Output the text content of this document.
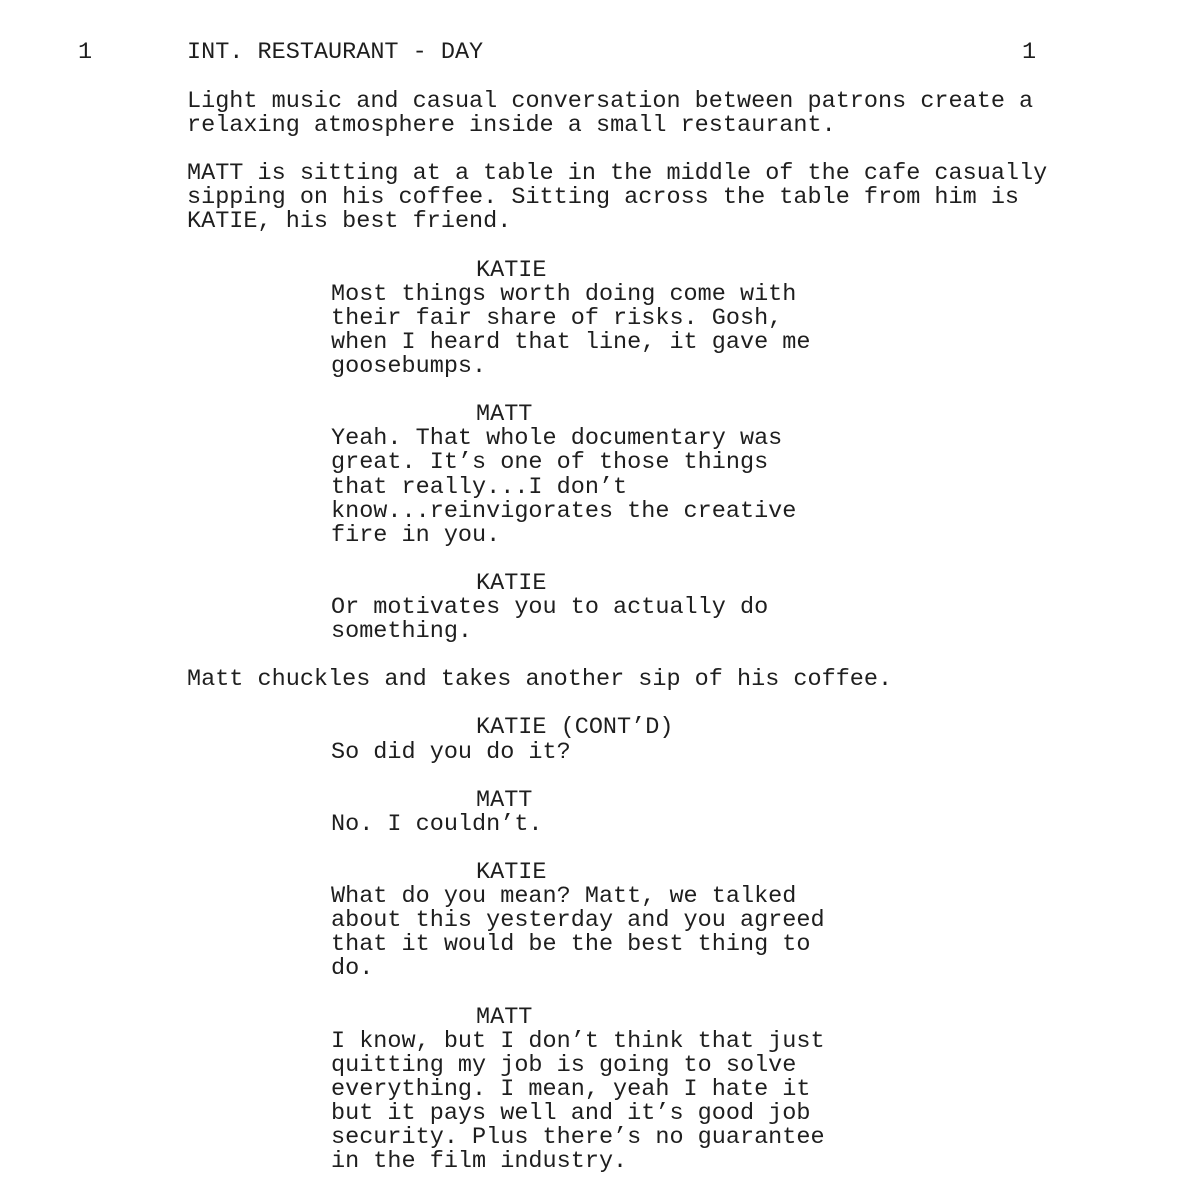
1	INT. RESTAURANT - DAY	1
Light music and casual conversation between patrons create a
relaxing atmosphere inside a small restaurant.
MATT is sitting at a table in the middle of the cafe casually
sipping on his coffee. Sitting across the table from him is
KATIE, his best friend.
KATIE
Most things worth doing come with
their fair share of risks. Gosh,
when I heard that line, it gave me
goosebumps.
MATT
Yeah. That whole documentary was
great. It’s one of those things
that really...I don’t
know...reinvigorates the creative
fire in you.
KATIE
Or motivates you to actually do
something.
Matt chuckles and takes another sip of his coffee.
KATIE (CONT’D)
So did you do it?
MATT
No. I couldn’t.
KATIE
What do you mean? Matt, we talked
about this yesterday and you agreed
that it would be the best thing to
do.
MATT
I know, but I don’t think that just
quitting my job is going to solve
everything. I mean, yeah I hate it
but it pays well and it’s good job
security. Plus there’s no guarantee
in the film industry.
